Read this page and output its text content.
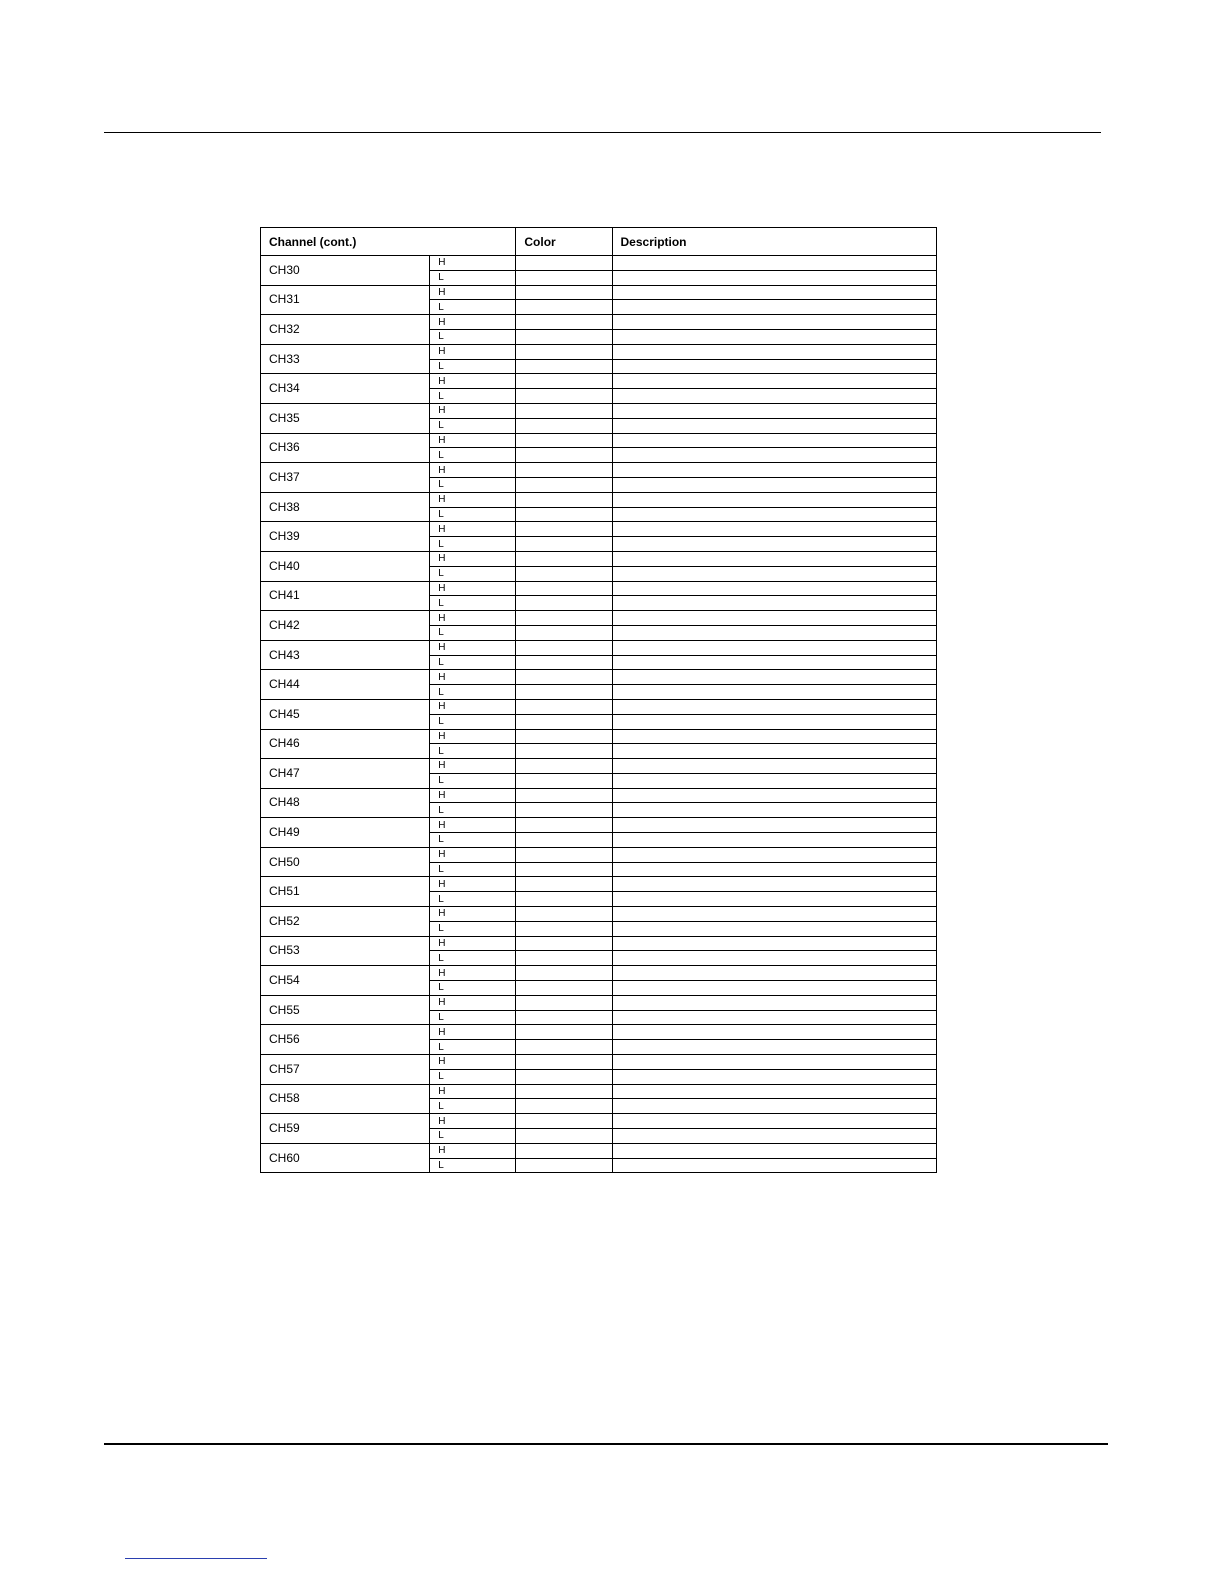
Channel (cont.)		Color	Description
CH30	H		
	L		
CH31	H		
	L		
CH32	H		
	L		
CH33	H		
	L		
CH34	H		
	L		
CH35	H		
	L		
CH36	H		
	L		
CH37	H		
	L		
CH38	H		
	L		
CH39	H		
	L		
CH40	H		
	L		
CH41	H		
	L		
CH42	H		
	L		
CH43	H		
	L		
CH44	H		
	L		
CH45	H		
	L		
CH46	H		
	L		
CH47	H		
	L		
CH48	H		
	L		
CH49	H		
	L		
CH50	H		
	L		
CH51	H		
	L		
CH52	H		
	L		
CH53	H		
	L		
CH54	H		
	L		
CH55	H		
	L		
CH56	H		
	L		
CH57	H		
	L		
CH58	H		
	L		
CH59	H		
	L		
CH60	H		
	L		
